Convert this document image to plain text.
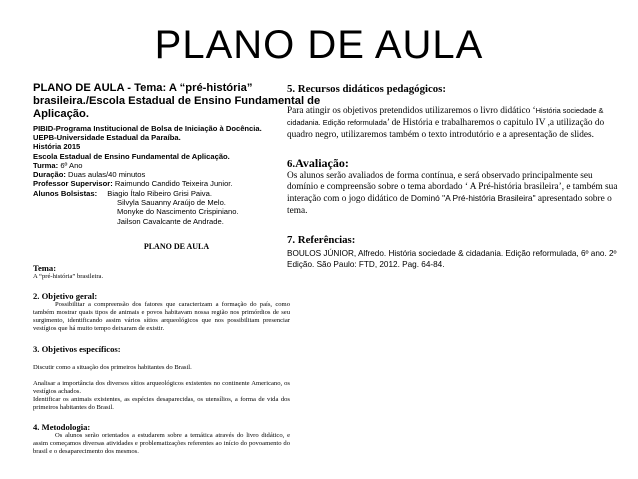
PLANO DE AULA
PLANO DE AULA - Tema: A “pré-história”
brasileira./Escola Estadual de Ensino Fundamental de
Aplicação.
PIBID-Programa Institucional de Bolsa de Iniciação à Docência.
UEPB-Universidade Estadual da Paraíba.
História 2015
Escola Estadual de Ensino Fundamental de Aplicação.
Turma: 6º Ano
Duração: Duas aulas/40 minutos
Professor Supervisor: Raimundo Candido Teixeira Junior.
Alunos Bolsistas: Biagio Ítalo Ribeiro Grisi Paiva.
Silvyla Sauanny Araújo de Melo.
Monyke do Nascimento Crispiniano.
Jailson Cavalcante de Andrade.
PLANO DE AULA
Tema:
A “pré-história” brasileira.
2. Objetivo geral:
Possibilitar a compreensão dos fatores que caracterizam a formação do país, como também mostrar quais tipos de animais e povos habitavam nossa região nos primórdios de seu surgimento, identificando assim vários sítios arqueológicos que nos possibilitam presenciar vestígios que há muito tempo deixaram de existir.
3. Objetivos específicos:
Discutir como a situação dos primeiros habitantes do Brasil.
Analisar a importância dos diversos sítios arqueológicos existentes no continente Americano, os vestígios achados.
Identificar os animais existentes, as espécies desaparecidas, os utensílios, a forma de vida dos primeiros habitantes do Brasil.
4. Metodologia:
Os alunos serão orientados a estudarem sobre a temática através do livro didático, e assim começamos diversas atividades e problematizações referentes ao início do povoamento do brasil e o desaparecimento dos mesmos.
5. Recursos didáticos pedagógicos:
Para atingir os objetivos pretendidos utilizaremos o livro didático ‘História sociedade & cidadania. Edição reformulada’ de História e trabalharemos o capitulo IV ,a utilização do quadro negro, utilizaremos também o texto introdutório e a apresentação de slides.
6.Avaliação:
Os alunos serão avaliados de forma contínua, e será observado principalmente seu domínio e compreensão sobre o tema abordado ‘ A Pré-história brasileira’, e também sua interação com o jogo didático de Dominó "A Pré-história Brasileira" apresentado sobre o tema.
7. Referências:
BOULOS JÚNIOR, Alfredo. História sociedade & cidadania. Edição reformulada, 6º ano. 2º Edição. São Paulo: FTD, 2012. Pag. 64-84.
